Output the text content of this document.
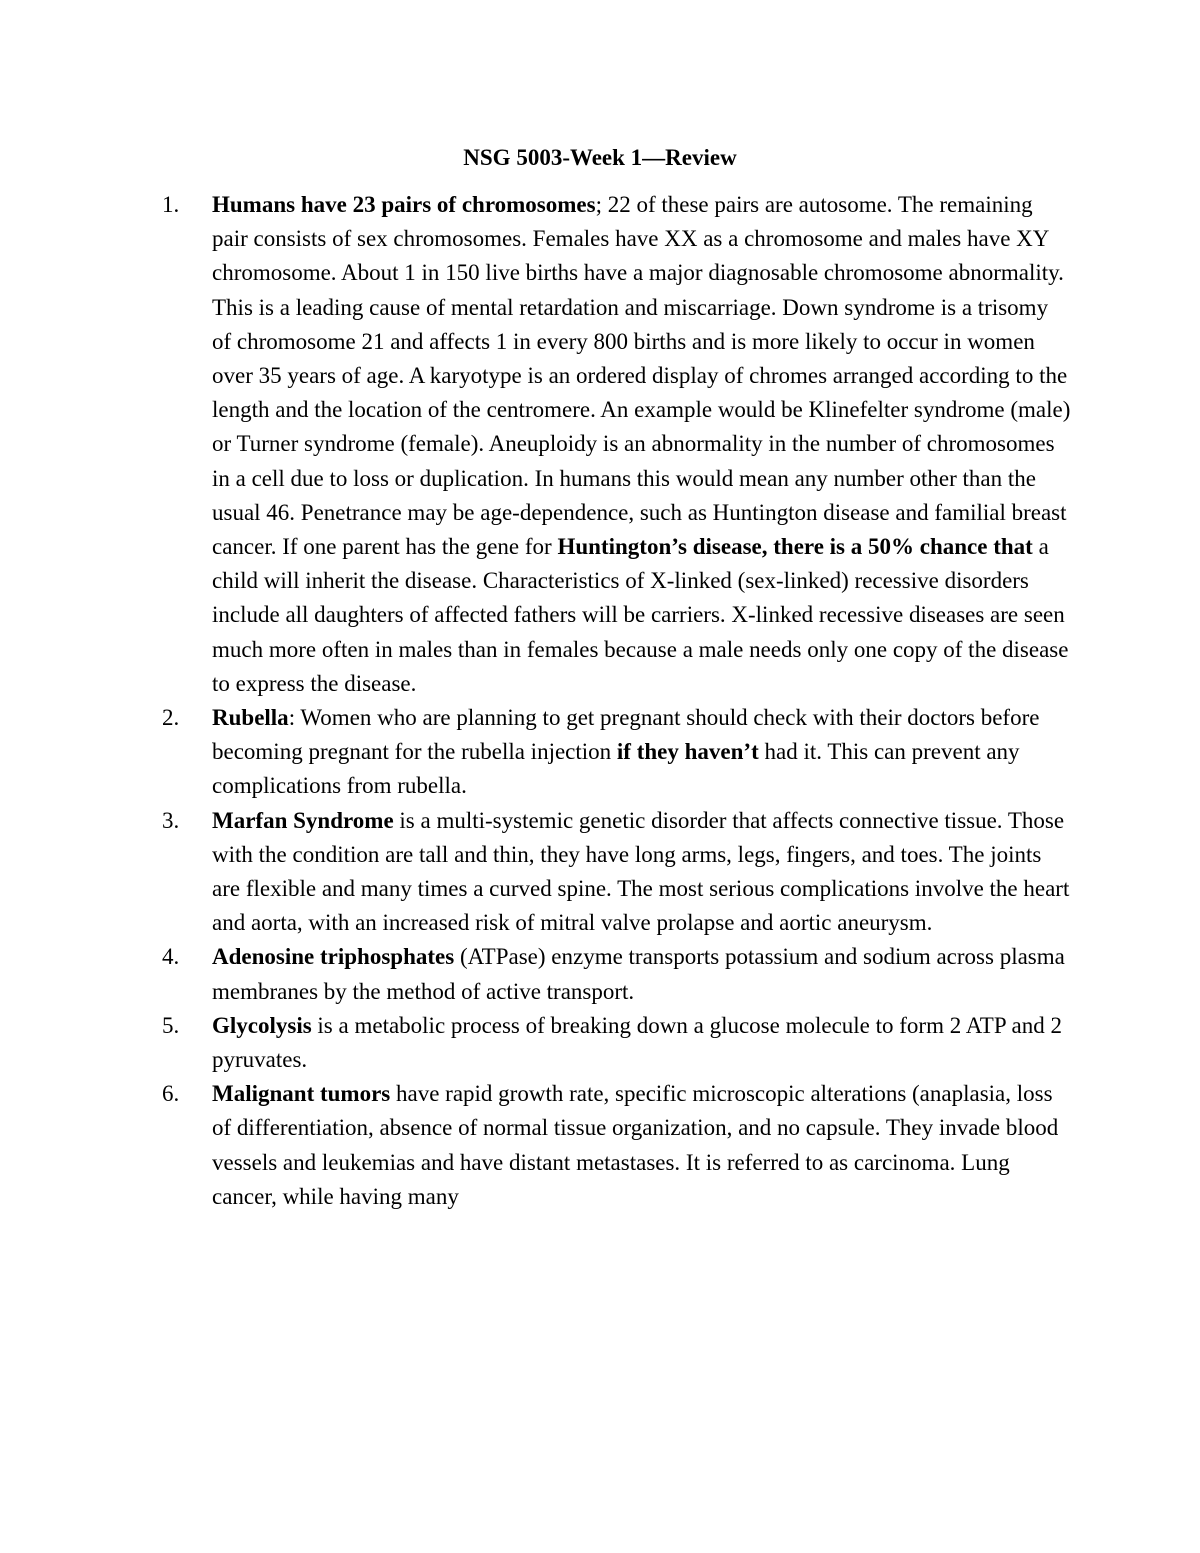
NSG 5003-Week 1—Review
1.	Humans have 23 pairs of chromosomes; 22 of these pairs are autosome. The remaining pair consists of sex chromosomes. Females have XX as a chromosome and males have XY chromosome. About 1 in 150 live births have a major diagnosable chromosome abnormality. This is a leading cause of mental retardation and miscarriage. Down syndrome is a trisomy of chromosome 21 and affects 1 in every 800 births and is more likely to occur in women over 35 years of age. A karyotype is an ordered display of chromes arranged according to the length and the location of the centromere. An example would be Klinefelter syndrome (male) or Turner syndrome (female). Aneuploidy is an abnormality in the number of chromosomes in a cell due to loss or duplication. In humans this would mean any number other than the usual 46. Penetrance may be age-dependence, such as Huntington disease and familial breast cancer. If one parent has the gene for Huntington’s disease, there is a 50% chance that a child will inherit the disease. Characteristics of X-linked (sex-linked) recessive disorders include all daughters of affected fathers will be carriers. X-linked recessive diseases are seen much more often in males than in females because a male needs only one copy of the disease to express the disease.
2.	Rubella: Women who are planning to get pregnant should check with their doctors before becoming pregnant for the rubella injection if they haven’t had it. This can prevent any complications from rubella.
3.	Marfan Syndrome is a multi-systemic genetic disorder that affects connective tissue. Those with the condition are tall and thin, they have long arms, legs, fingers, and toes. The joints are flexible and many times a curved spine. The most serious complications involve the heart and aorta, with an increased risk of mitral valve prolapse and aortic aneurysm.
4.	Adenosine triphosphates (ATPase) enzyme transports potassium and sodium across plasma membranes by the method of active transport.
5.	Glycolysis is a metabolic process of breaking down a glucose molecule to form 2 ATP and 2 pyruvates.
6.	Malignant tumors have rapid growth rate, specific microscopic alterations (anaplasia, loss of differentiation, absence of normal tissue organization, and no capsule. They invade blood vessels and leukemias and have distant metastases. It is referred to as carcinoma. Lung cancer, while having many
